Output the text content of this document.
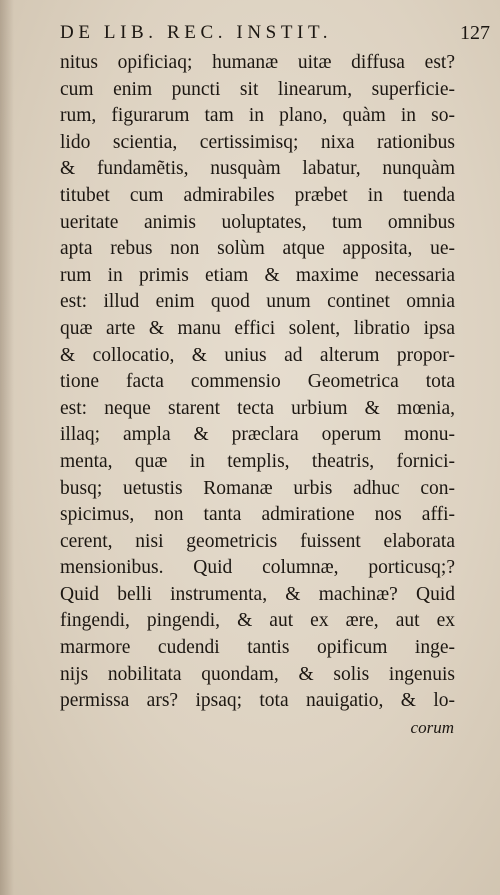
DE LIB. REC. INSTIT.	127
nitus opificiaq; humanæ uitæ diffusa est?
cum enim puncti sit linearum, superficie-
rum, figurarum tam in plano, quàm in so-
lido scientia, certissimisq; nixa rationibus
& fundamẽtis, nusquàm labatur, nunquàm
titubet cum admirabiles præbet in tuenda
ueritate animis uoluptates, tum omnibus
apta rebus non solùm atque apposita, ue-
rum in primis etiam & maxime necessaria
est: illud enim quod unum continet omnia
quæ arte & manu effici solent, libratio ipsa
& collocatio, & unius ad alterum propor-
tione facta commensio Geometrica tota
est: neque starent tecta urbium & mœnia,
illaq; ampla & præclara operum monu-
menta, quæ in templis, theatris, fornici-
busq; uetustis Romanæ urbis adhuc con-
spicimus, non tanta admiratione nos affi-
cerent, nisi geometricis fuissent elaborata
mensionibus. Quid columnæ, porticusq;?
Quid belli instrumenta, & machinæ? Quid
fingendi, pingendi, & aut ex ære, aut ex
marmore cudendi tantis opificum inge-
nijs nobilitata quondam, & solis ingenuis
permissa ars? ipsaq; tota nauigatio, & lo-
corum
